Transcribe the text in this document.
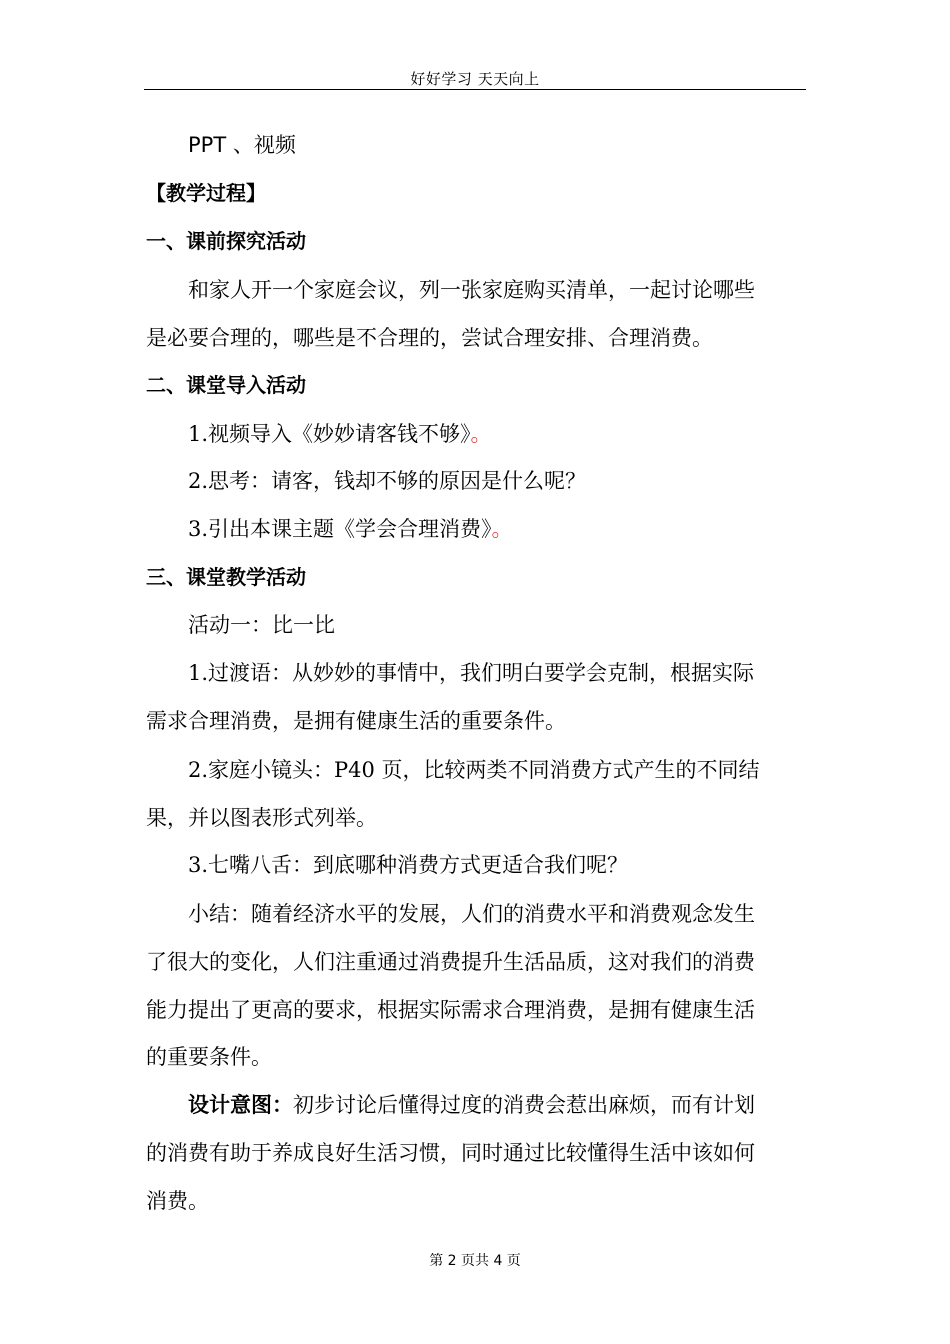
好好学习 天天向上
PPT 、视频
【教学过程】
一、课前探究活动
和家人开一个家庭会议，列一张家庭购买清单，一起讨论哪些
是必要合理的，哪些是不合理的，尝试合理安排、合理消费。
二、课堂导入活动
1.视频导入《妙妙请客钱不够》。
2.思考：请客，钱却不够的原因是什么呢？
3.引出本课主题《学会合理消费》。
三、课堂教学活动
活动一：比一比
1.过渡语：从妙妙的事情中，我们明白要学会克制，根据实际
需求合理消费，是拥有健康生活的重要条件。
2.家庭小镜头：P40 页，比较两类不同消费方式产生的不同结
果，并以图表形式列举。
3.七嘴八舌：到底哪种消费方式更适合我们呢？
小结：随着经济水平的发展，人们的消费水平和消费观念发生
了很大的变化，人们注重通过消费提升生活品质，这对我们的消费
能力提出了更高的要求，根据实际需求合理消费，是拥有健康生活
的重要条件。
设计意图：初步讨论后懂得过度的消费会惹出麻烦，而有计划
的消费有助于养成良好生活习惯，同时通过比较懂得生活中该如何
消费。
第 2 页共 4 页
